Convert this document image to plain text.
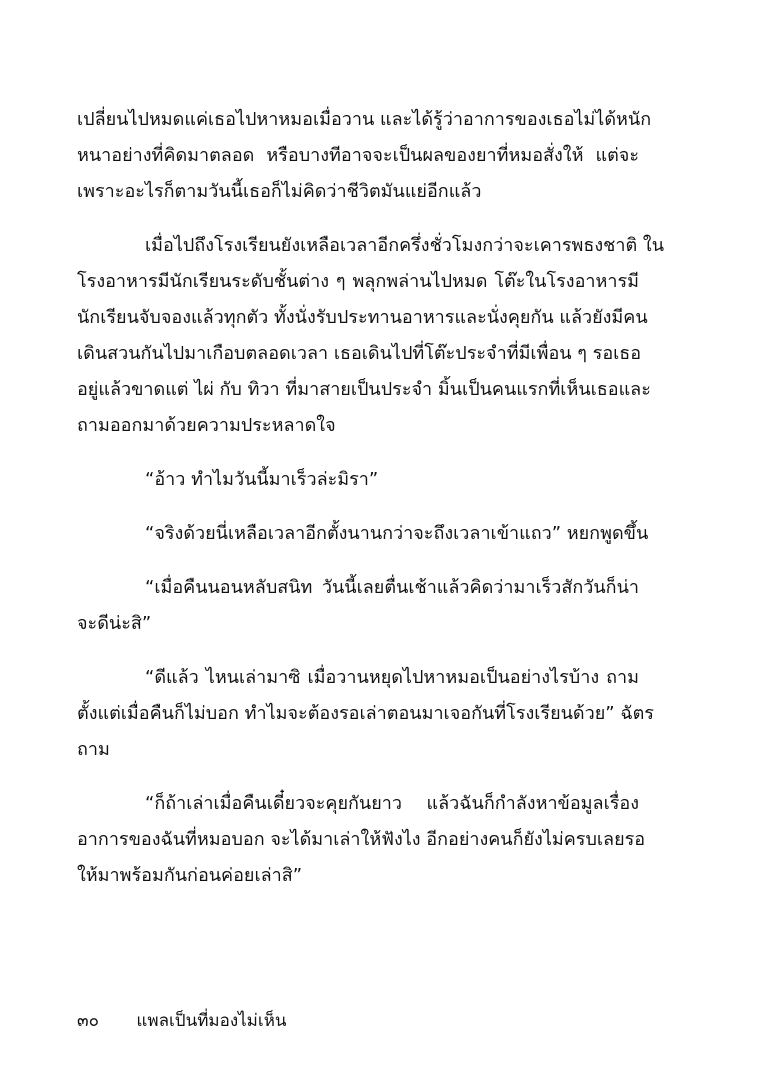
เปลี่ยนไปหมดแค่เธอไปหาหมอเมื่อวาน และได้รู้ว่าอาการของเธอไม่ได้หนัก
หนาอย่างที่คิดมาตลอด หรือบางทีอาจจะเป็นผลของยาที่หมอสั่งให้ แต่จะ
เพราะอะไรก็ตามวันนี้เธอก็ไม่คิดว่าชีวิตมันแย่อีกแล้ว
เมื่อไปถึงโรงเรียนยังเหลือเวลาอีกครึ่งชั่วโมงกว่าจะเคารพธงชาติ ใน
โรงอาหารมีนักเรียนระดับชั้นต่าง ๆ พลุกพล่านไปหมด โต๊ะในโรงอาหารมี
นักเรียนจับจองแล้วทุกตัว ทั้งนั่งรับประทานอาหารและนั่งคุยกัน แล้วยังมีคน
เดินสวนกันไปมาเกือบตลอดเวลา เธอเดินไปที่โต๊ะประจำที่มีเพื่อน ๆ รอเธอ
อยู่แล้วขาดแต่ ไผ่ กับ ทิวา ที่มาสายเป็นประจำ มิ้นเป็นคนแรกที่เห็นเธอและ
ถามออกมาด้วยความประหลาดใจ
“อ้าว ทำไมวันนี้มาเร็วล่ะมิรา”
“จริงด้วยนี่เหลือเวลาอีกตั้งนานกว่าจะถึงเวลาเข้าแถว” หยกพูดขึ้น
“เมื่อคืนนอนหลับสนิท วันนี้เลยตื่นเช้าแล้วคิดว่ามาเร็วสักวันก็น่า
จะดีน่ะสิ”
“ดีแล้ว ไหนเล่ามาซิ เมื่อวานหยุดไปหาหมอเป็นอย่างไรบ้าง ถาม
ตั้งแต่เมื่อคืนก็ไม่บอก ทำไมจะต้องรอเล่าตอนมาเจอกันที่โรงเรียนด้วย” ฉัตร
ถาม
“ก็ถ้าเล่าเมื่อคืนเดี๋ยวจะคุยกันยาว แล้วฉันก็กำลังหาข้อมูลเรื่อง
อาการของฉันที่หมอบอก จะได้มาเล่าให้ฟังไง อีกอย่างคนก็ยังไม่ครบเลยรอ
ให้มาพร้อมกันก่อนค่อยเล่าสิ”
๓๐ แพลเป็นที่มองไม่เห็น
